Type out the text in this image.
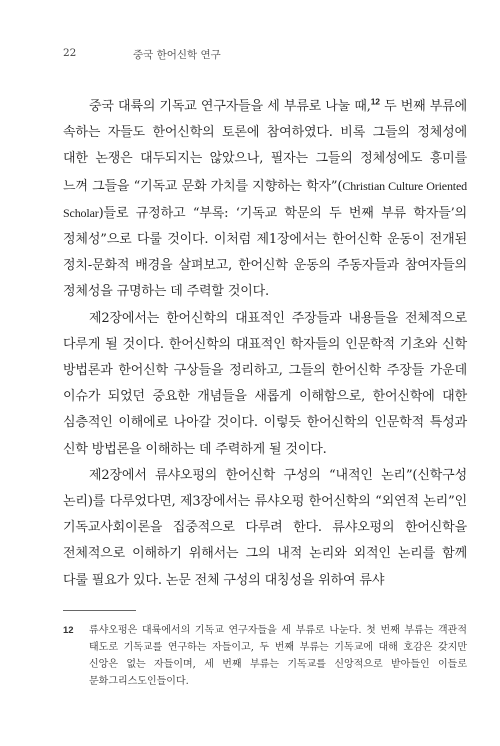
22	중국 한어신학 연구

중국 대륙의 기독교 연구자들을 세 부류로 나눌 때,$^{12}$ 두 번째 부류에 속하는 자들도 한어신학의 토론에 참여하였다. 비록 그들의 정체성에 대한 논쟁은 대두되지는 않았으나, 필자는 그들의 정체성에도 흥미를 느껴 그들을 “기독교 문화 가치를 지향하는 학자”(Christian Culture Oriented Scholar)들로 규정하고 “부록: ‘기독교 학문의 두 번째 부류 학자들’의 정체성”으로 다룰 것이다. 이처럼 제1장에서는 한어신학 운동이 전개된 정치-문화적 배경을 살펴보고, 한어신학 운동의 주동자들과 참여자들의 정체성을 규명하는 데 주력할 것이다.

제2장에서는 한어신학의 대표적인 주장들과 내용들을 전체적으로 다루게 될 것이다. 한어신학의 대표적인 학자들의 인문학적 기초와 신학 방법론과 한어신학 구상들을 정리하고, 그들의 한어신학 주장들 가운데 이슈가 되었던 중요한 개념들을 새롭게 이해함으로, 한어신학에 대한 심층적인 이해에로 나아갈 것이다. 이렇듯 한어신학의 인문학적 특성과 신학 방법론을 이해하는 데 주력하게 될 것이다.

제2장에서 류샤오펑의 한어신학 구성의 “내적인 논리”(신학구성 논리)를 다루었다면, 제3장에서는 류샤오펑 한어신학의 “외연적 논리”인 기독교사회이론을 집중적으로 다루려 한다. 류샤오펑의 한어신학을 전체적으로 이해하기 위해서는 그의 내적 논리와 외적인 논리를 함께 다룰 필요가 있다. 논문 전체 구성의 대칭성을 위하여 류샤

12 류샤오펑은 대륙에서의 기독교 연구자들을 세 부류로 나눈다. 첫 번째 부류는 객관적 태도로 기독교를 연구하는 자들이고, 두 번째 부류는 기독교에 대해 호감은 갖지만 신앙은 없는 자들이며, 세 번째 부류는 기독교를 신앙적으로 받아들인 이들로 문화그리스도인들이다.
